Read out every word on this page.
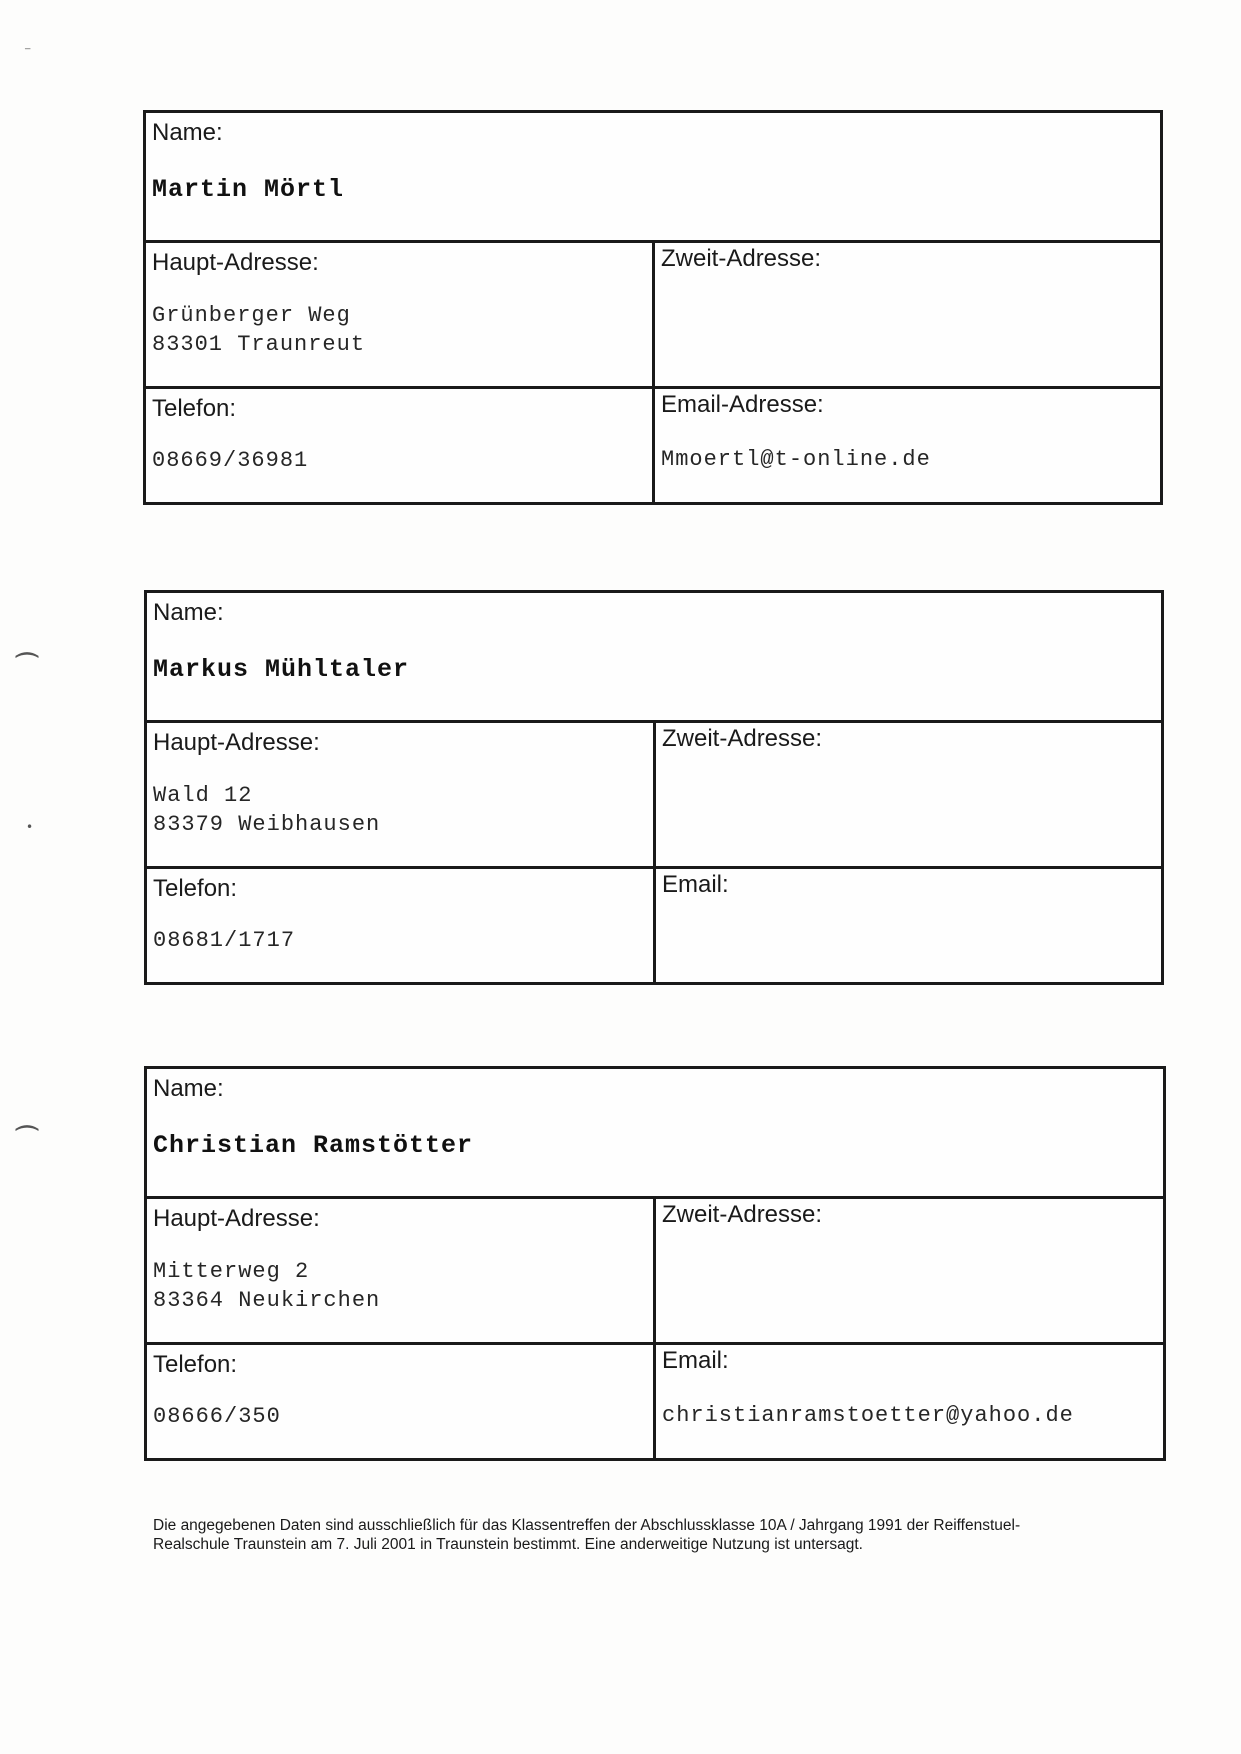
Name:
Martin Mörtl
Haupt-Adresse:
Grünberger Weg
83301 Traunreut
Zweit-Adresse:
Telefon:
08669/36981
Email-Adresse:
Mmoertl@t-online.de
Name:
Markus Mühltaler
Haupt-Adresse:
Wald 12
83379 Weibhausen
Zweit-Adresse:
Telefon:
08681/1717
Email:
Name:
Christian Ramstötter
Haupt-Adresse:
Mitterweg 2
83364 Neukirchen
Zweit-Adresse:
Telefon:
08666/350
Email:
christianramstoetter@yahoo.de
Die angegebenen Daten sind ausschließlich für das Klassentreffen der Abschlussklasse 10A / Jahrgang 1991 der Reiffenstuel-
Realschule Traunstein am 7. Juli 2001 in Traunstein bestimmt. Eine anderweitige Nutzung ist untersagt.
⁻
(
(
•
